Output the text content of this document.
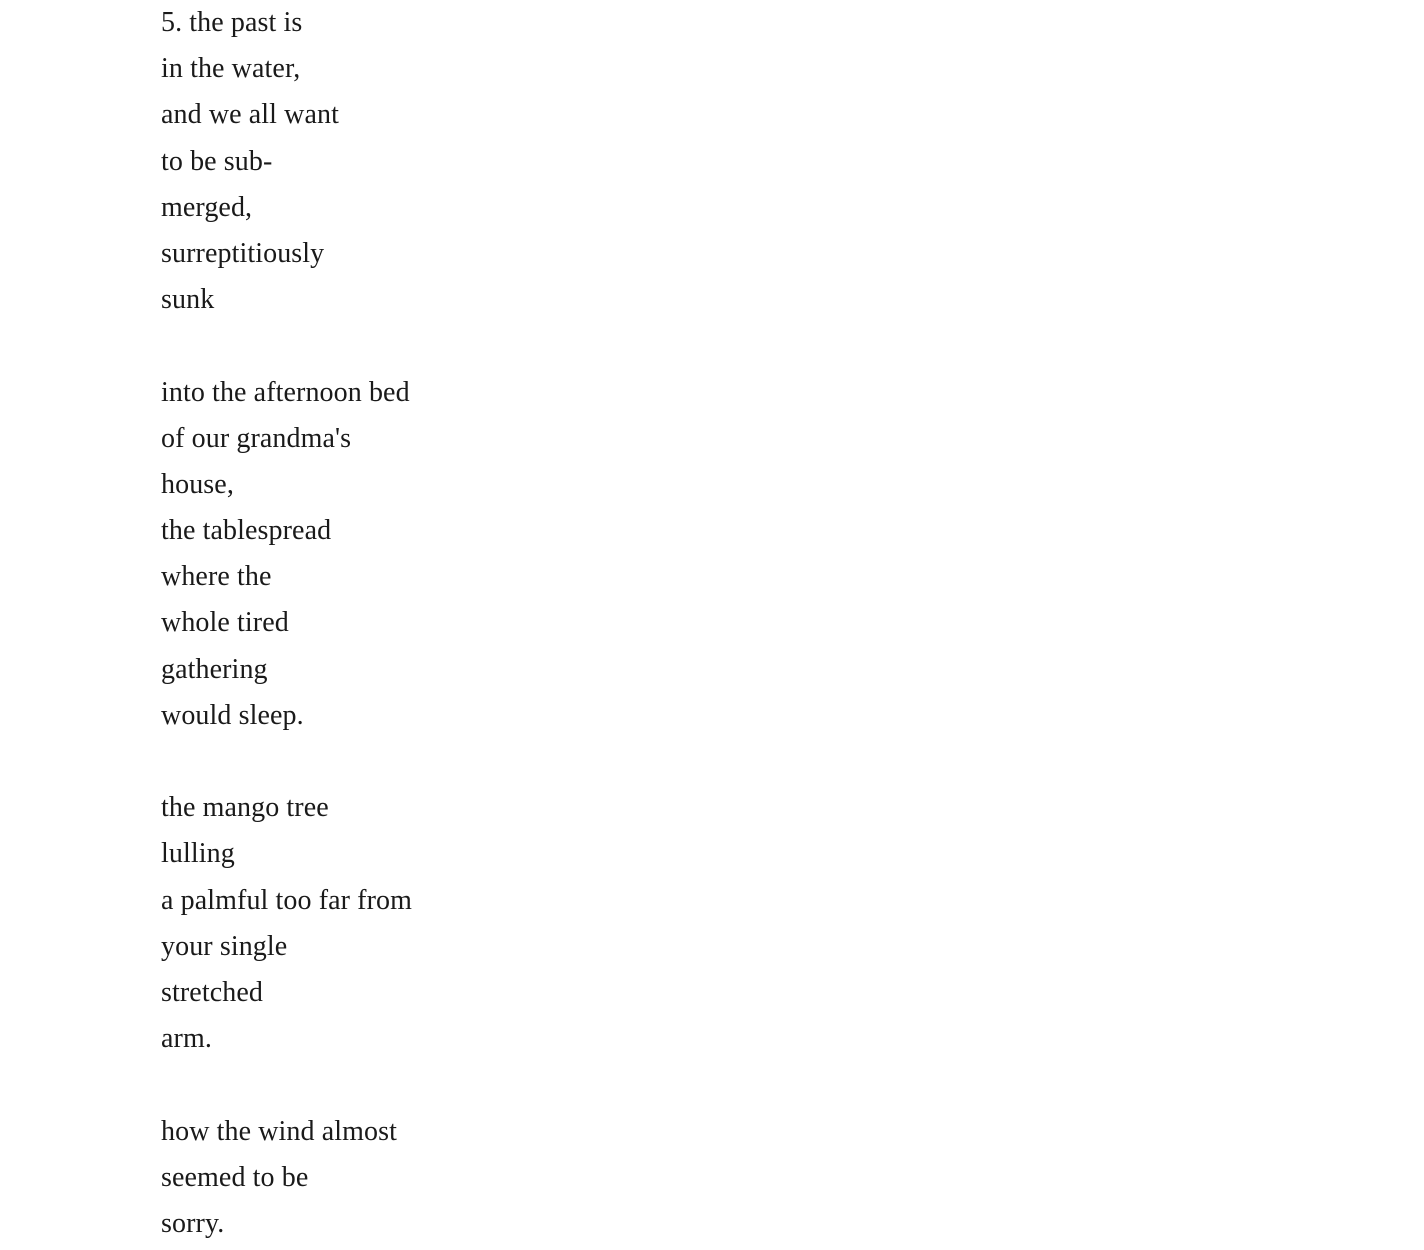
5. the past is
in the water,
and we all want
to be sub-
merged,
surreptitiously
sunk
into the afternoon bed
of our grandma's
house,
the tablespread
where the
whole tired
gathering
would sleep.
the mango tree
lulling
a palmful too far from
your single
stretched
arm.
how the wind almost
seemed to be
sorry.
